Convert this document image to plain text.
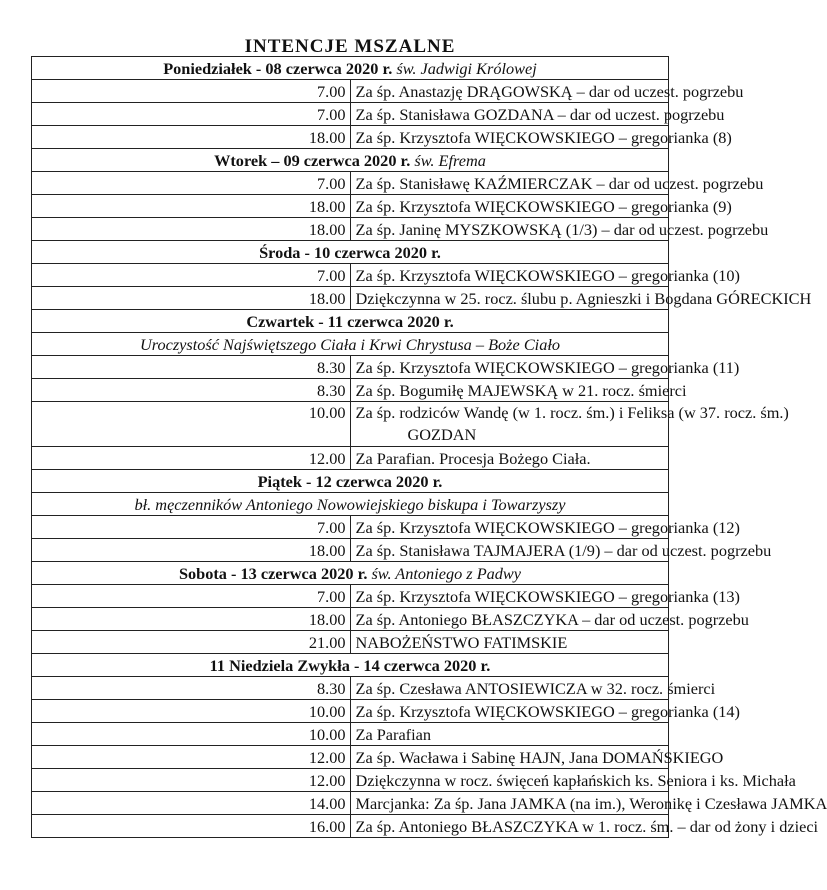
INTENCJE MSZALNE
Poniedziałek - 08 czerwca 2020 r. św. Jadwigi Królowej	
7.00	Za śp. Anastazję DRĄGOWSKĄ – dar od uczest. pogrzebu
7.00	Za śp. Stanisława GOZDANA – dar od uczest. pogrzebu
18.00	Za śp. Krzysztofa WIĘCKOWSKIEGO – gregorianka (8)
Wtorek – 09 czerwca 2020 r. św. Efrema	
7.00	Za śp. Stanisławę KAŹMIERCZAK – dar od uczest. pogrzebu
18.00	Za śp. Krzysztofa WIĘCKOWSKIEGO – gregorianka (9)
18.00	Za śp. Janinę MYSZKOWSKĄ (1/3) – dar od uczest. pogrzebu
Środa - 10 czerwca 2020 r.	
7.00	Za śp. Krzysztofa WIĘCKOWSKIEGO – gregorianka (10)
18.00	Dziękczynna w 25. rocz. ślubu p. Agnieszki i Bogdana GÓRECKICH
Czwartek - 11 czerwca 2020 r.	
Uroczystość Najświętszego Ciała i Krwi Chrystusa – Boże Ciało	
8.30	Za śp. Krzysztofa WIĘCKOWSKIEGO – gregorianka (11)
8.30	Za śp. Bogumiłę MAJEWSKĄ w 21. rocz. śmierci
10.00	Za śp. rodziców Wandę (w 1. rocz. śm.) i Feliksa (w 37. rocz. śm.)
GOZDAN

12.00	Za Parafian. Procesja Bożego Ciała.
Piątek - 12 czerwca 2020 r.	
bł. męczenników Antoniego Nowowiejskiego biskupa i Towarzyszy	
7.00	Za śp. Krzysztofa WIĘCKOWSKIEGO – gregorianka (12)
18.00	Za śp. Stanisława TAJMAJERA (1/9) – dar od uczest. pogrzebu
Sobota - 13 czerwca 2020 r. św. Antoniego z Padwy	
7.00	Za śp. Krzysztofa WIĘCKOWSKIEGO – gregorianka (13)
18.00	Za śp. Antoniego BŁASZCZYKA – dar od uczest. pogrzebu
21.00	NABOŻEŃSTWO FATIMSKIE
11 Niedziela Zwykła - 14 czerwca 2020 r.	
8.30	Za śp. Czesława ANTOSIEWICZA w 32. rocz. śmierci
10.00	Za śp. Krzysztofa WIĘCKOWSKIEGO – gregorianka (14)
10.00	Za Parafian
12.00	Za śp. Wacława i Sabinę HAJN, Jana DOMAŃSKIEGO
12.00	Dziękczynna w rocz. święceń kapłańskich ks. Seniora i ks. Michała
14.00	Marcjanka: Za śp. Jana JAMKA (na im.), Weronikę i Czesława JAMKA
16.00	Za śp. Antoniego BŁASZCZYKA w 1. rocz. śm. – dar od żony i dzieci
